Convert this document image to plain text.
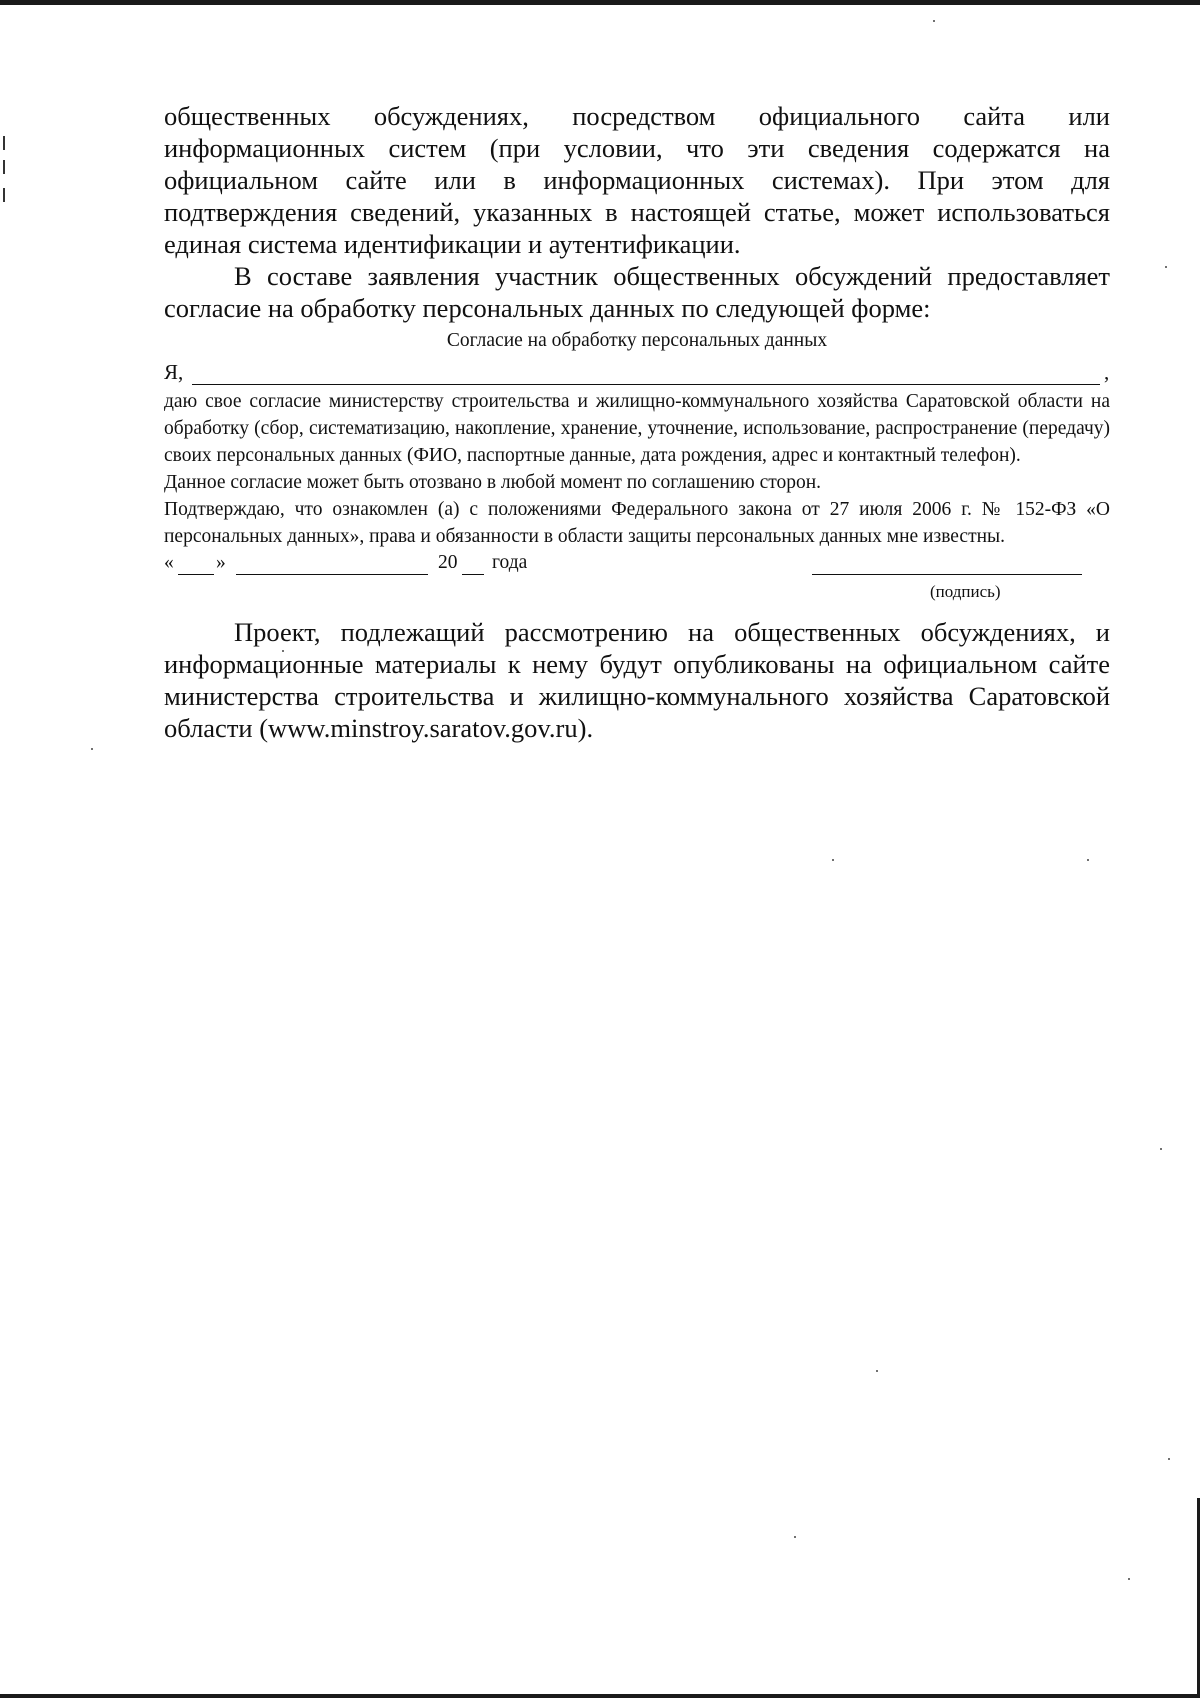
общественных обсуждениях, посредством официального сайта или информационных систем (при условии, что эти сведения содержатся на официальном сайте или в информационных системах). При этом для подтверждения сведений, указанных в настоящей статье, может использоваться единая система идентификации и аутентификации.

В составе заявления участник общественных обсуждений предоставляет согласие на обработку персональных данных по следующей форме:

Согласие на обработку персональных данных

Я,	,

даю свое согласие министерству строительства и жилищно-коммунального хозяйства Саратовской области на обработку (сбор, систематизацию, накопление, хранение, уточнение, использование, распространение (передачу) своих персональных данных (ФИО, паспортные данные, дата рождения, адрес и контактный телефон).

Данное согласие может быть отозвано в любой момент по соглашению сторон.

Подтверждаю, что ознакомлен (а) с положениями Федерального закона от 27 июля 2006 г. № 152-ФЗ «О персональных данных», права и обязанности в области защиты персональных данных мне известны.

« »	20 года
(подпись)

Проект, подлежащий рассмотрению на общественных обсуждениях, и информационные материалы к нему будут опубликованы на официальном сайте министерства строительства и жилищно-коммунального хозяйства Саратовской области (www.minstroy.saratov.gov.ru).
